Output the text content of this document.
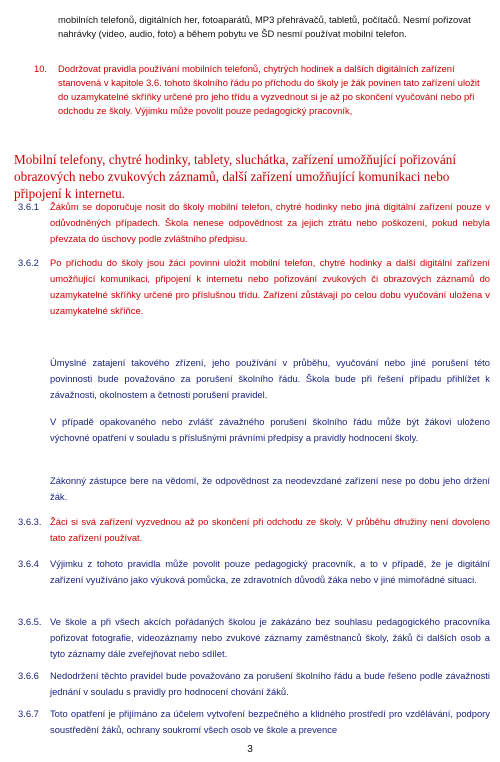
mobilních telefonů, digitálních her, fotoaparátů, MP3 přehrávačů, tabletů, počítačů. Nesmí pořizovat nahrávky (video, audio, foto) a během pobytu ve ŠD nesmí používat mobilní telefon.
10.	Dodržovat pravidla používání mobilních telefonů, chytrých hodinek a dalších digitálních zařízení stanovená v kapitole 3.6. tohoto školního řádu po příchodu do školy je žák povinen tato zařízení uložit do uzamykatelné skříňky určené pro jeho třídu a vyzvednout si je až po skončení vyučování nebo při odchodu ze školy. Výjimku může povolit pouze pedagogický pracovník,
Mobilní telefony, chytré hodinky, tablety, sluchátka, zařízení umožňující pořizování obrazových nebo zvukových záznamů, další zařízení umožňující komunikaci nebo připojení k internetu.
3.6.1	Žákům se doporučuje nosit do školy mobilní telefon, chytré hodinky nebo jiná digitální zařízení pouze v odůvodněných případech. Škola nenese odpovědnost za jejich ztrátu nebo poškození, pokud nebyla převzata do úschovy podle zvláštního předpisu.
3.6.2	Po příchodu do školy jsou žáci povinni uložit mobilní telefon, chytré hodinky a další digitální zařízení umožňující komunikaci, připojení k internetu nebo pořizování zvukových či obrazových záznamů do uzamykatelné skříňky určené pro příslušnou třídu. Zařízení zůstávají po celou dobu vyučování uložena v uzamykatelné skříňce.
Úmyslné zatajení takového zřízení, jeho používání v průběhu, vyučování nebo jiné porušení této povinnosti bude považováno za porušení školního řádu. Škola bude při řešení případu přihlížet k závažnosti, okolnostem a četnosti porušení pravidel.
V případě opakovaného nebo zvlášť závažného porušení školního řádu může být žákovi uloženo výchovné opatření v souladu s příslušnými právními předpisy a pravidly hodnocení školy.
Zákonný zástupce bere na vědomí, že odpovědnost za neodevzdané zařízení nese po dobu jeho držení žák.
3.6.3. Žáci si svá zařízení vyzvednou až po skončení při odchodu ze školy. V průběhu dfružiny není dovoleno tato zařízení používat.
3.6.4	Výjimku z tohoto pravidla může povolit pouze pedagogický pracovník, a to v případě, že je digitální zařízení využíváno jako výuková pomůcka, ze zdravotních důvodů žáka nebo v jiné mimořádné situaci.
3.6.5. Ve škole a při všech akcích pořádaných školou je zakázáno bez souhlasu pedagogického pracovníka pořizovat fotografie, videozáznamy nebo zvukové záznamy zaměstnanců školy, žáků či dalších osob a tyto záznamy dále zveřejňovat nebo sdílet.
3.6.6	Nedodržení těchto pravidel bude považováno za porušení školního řádu a bude řešeno podle závažnosti jednání v souladu s pravidly pro hodnocení chování žáků.
3.6.7	Toto opatření je přijímáno za účelem vytvoření bezpečného a klidného prostředí pro vzdělávání, podpory soustředění žáků, ochrany soukromí všech osob ve škole a prevence
3
